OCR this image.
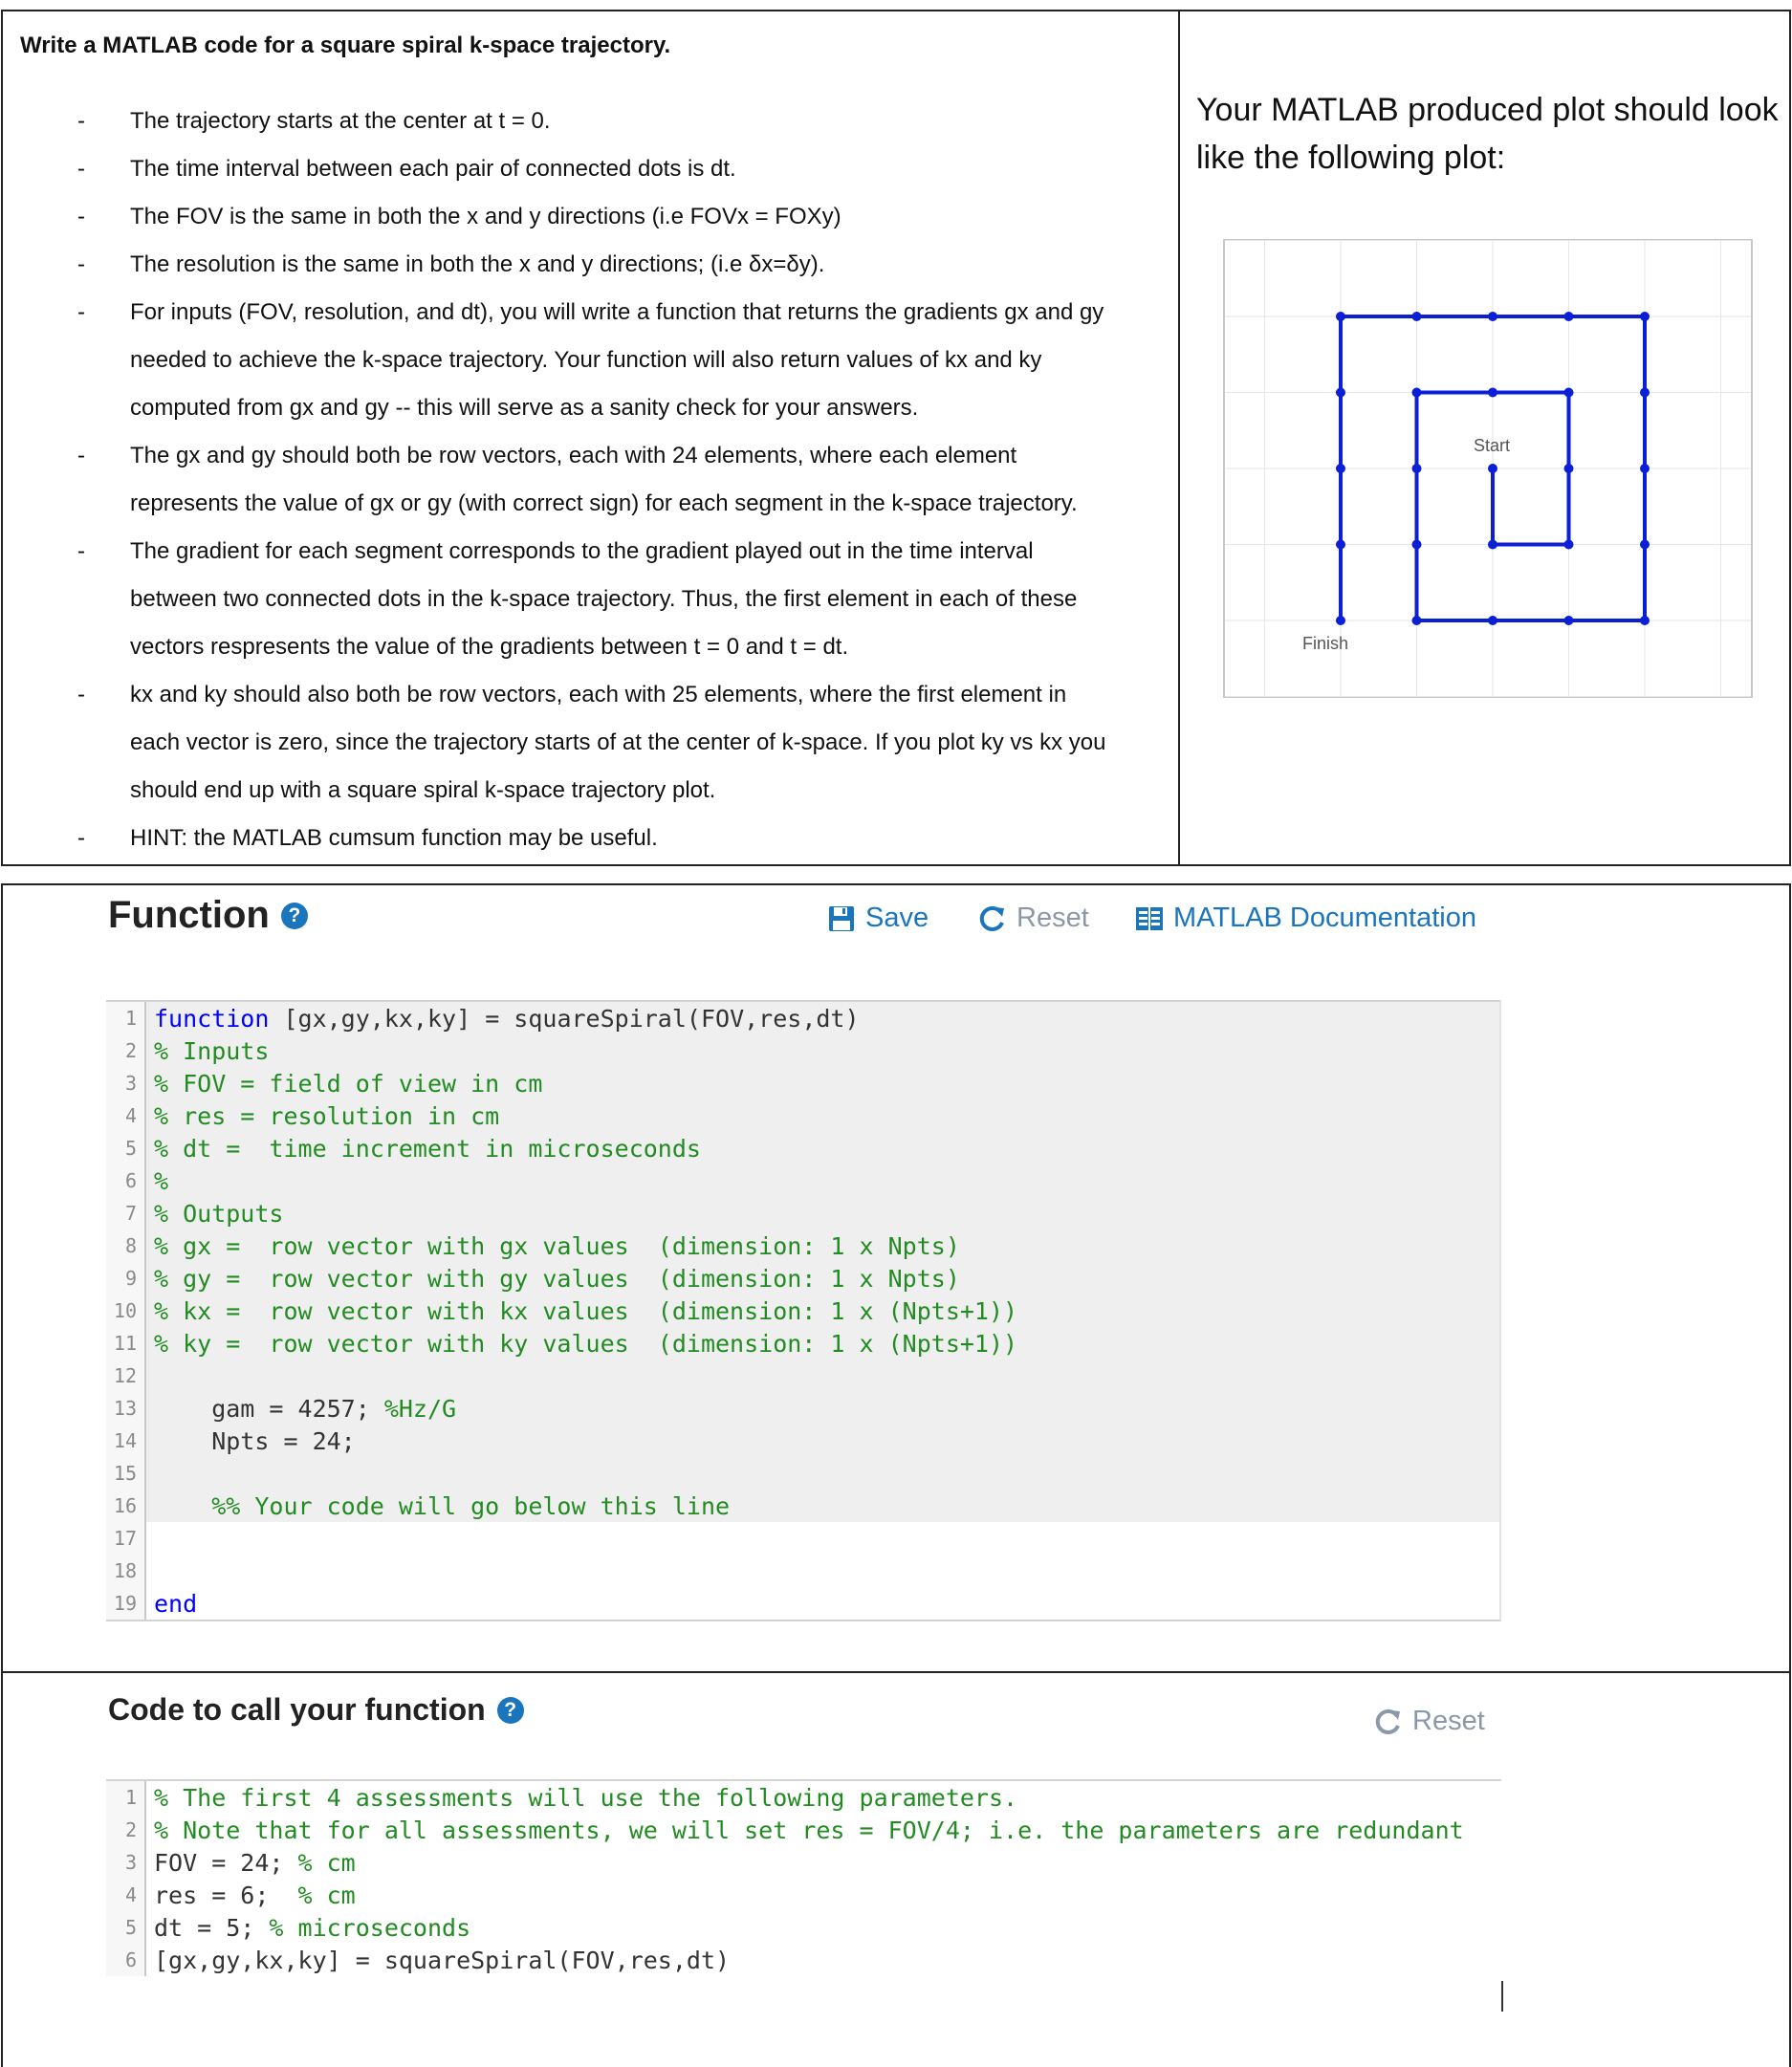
Write a MATLAB code for a square spiral k-space trajectory.
- The trajectory starts at the center at t = 0.
- The time interval between each pair of connected dots is dt.
- The FOV is the same in both the x and y directions (i.e FOVx = FOXy)
- The resolution is the same in both the x and y directions; (i.e δx=δy).
- For inputs (FOV, resolution, and dt), you will write a function that returns the gradients gx and gy
needed to achieve the k-space trajectory. Your function will also return values of kx and ky
computed from gx and gy -- this will serve as a sanity check for your answers.
- The gx and gy should both be row vectors, each with 24 elements, where each element
represents the value of gx or gy (with correct sign) for each segment in the k-space trajectory.
- The gradient for each segment corresponds to the gradient played out in the time interval
between two connected dots in the k-space trajectory. Thus, the first element in each of these
vectors respresents the value of the gradients between t = 0 and t = dt.
- kx and ky should also both be row vectors, each with 25 elements, where the first element in
each vector is zero, since the trajectory starts of at the center of k-space. If you plot ky vs kx you
should end up with a square spiral k-space trajectory plot.
- HINT: the MATLAB cumsum function may be useful.
Your MATLAB produced plot should look like the following plot:
Start
Finish
Function ?	Save	Reset	MATLAB Documentation
1 function [gx,gy,kx,ky] = squareSpiral(FOV,res,dt)
2 % Inputs
3 % FOV = field of view in cm
4 % res = resolution in cm
5 % dt =  time increment in microseconds
6 %
7 % Outputs
8 % gx =  row vector with gx values  (dimension: 1 x Npts)
9 % gy =  row vector with gy values  (dimension: 1 x Npts)
10 % kx =  row vector with kx values  (dimension: 1 x (Npts+1))
11 % ky =  row vector with ky values  (dimension: 1 x (Npts+1))
12
13 gam = 4257; %Hz/G
14 Npts = 24;
15
16 %% Your code will go below this line
17
18
19 end
Code to call your function ?	Reset
1 % The first 4 assessments will use the following parameters.
2 % Note that for all assessments, we will set res = FOV/4; i.e. the parameters are redundant
3 FOV = 24; % cm
4 res = 6;  % cm
5 dt = 5; % microseconds
6 [gx,gy,kx,ky] = squareSpiral(FOV,res,dt)
